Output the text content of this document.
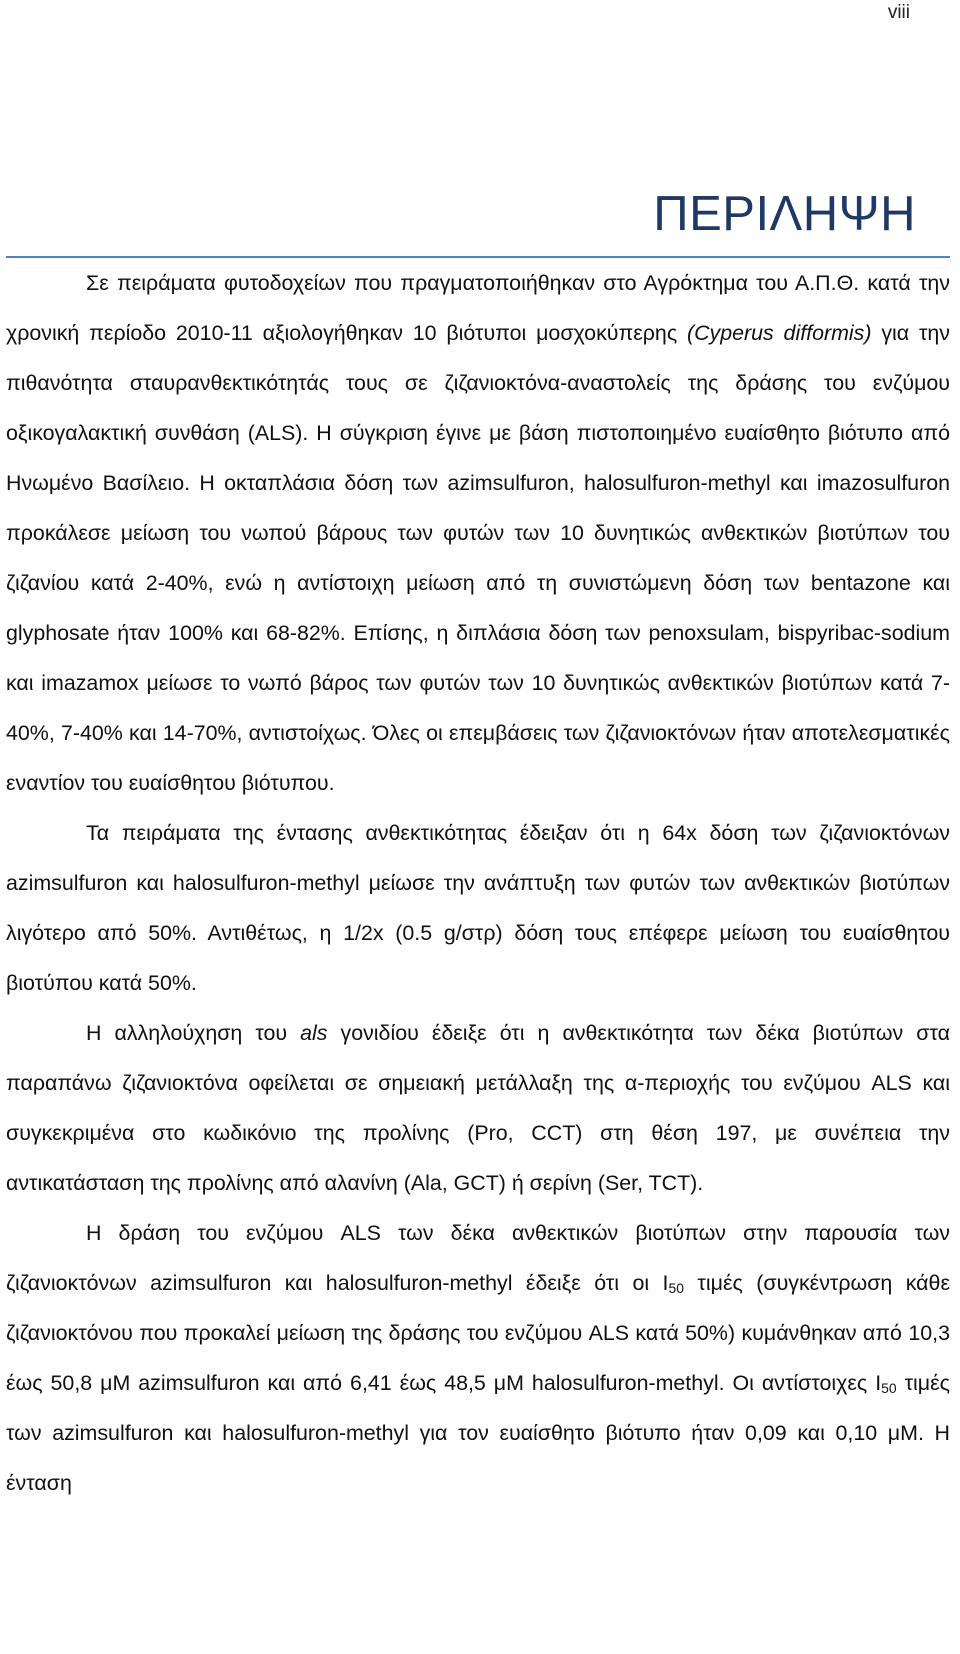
viii
ΠΕΡΙΛΗΨΗ

Σε πειράματα φυτοδοχείων που πραγματοποιήθηκαν στο Αγρόκτημα του Α.Π.Θ. κατά την χρονική περίοδο 2010-11 αξιολογήθηκαν 10 βιότυποι μοσχοκύπερης (Cyperus difformis) για την πιθανότητα σταυρανθεκτικότητάς τους σε ζιζανιοκτόνα-αναστολείς της δράσης του ενζύμου οξικογαλακτική συνθάση (ALS). Η σύγκριση έγινε με βάση πιστοποιημένο ευαίσθητο βιότυπο από Ηνωμένο Βασίλειο. Η οκταπλάσια δόση των azimsulfuron, halosulfuron-methyl και imazosulfuron προκάλεσε μείωση του νωπού βάρους των φυτών των 10 δυνητικώς ανθεκτικών βιοτύπων του ζιζανίου κατά 2-40%, ενώ η αντίστοιχη μείωση από τη συνιστώμενη δόση των bentazone και glyphosate ήταν 100% και 68-82%. Επίσης, η διπλάσια δόση των penoxsulam, bispyribac-sodium και imazamox μείωσε το νωπό βάρος των φυτών των 10 δυνητικώς ανθεκτικών βιοτύπων κατά 7-40%, 7-40% και 14-70%, αντιστοίχως. Όλες οι επεμβάσεις των ζιζανιοκτόνων ήταν αποτελεσματικές εναντίον του ευαίσθητου βιότυπου.

Τα πειράματα της έντασης ανθεκτικότητας έδειξαν ότι η 64x δόση των ζιζανιοκτόνων azimsulfuron και halosulfuron-methyl μείωσε την ανάπτυξη των φυτών των ανθεκτικών βιοτύπων λιγότερο από 50%. Αντιθέτως, η 1/2x (0.5 g/στρ) δόση τους επέφερε μείωση του ευαίσθητου βιοτύπου κατά 50%.

Η αλληλούχηση του als γονιδίου έδειξε ότι η ανθεκτικότητα των δέκα βιοτύπων στα παραπάνω ζιζανιοκτόνα οφείλεται σε σημειακή μετάλλαξη της α-περιοχής του ενζύμου ALS και συγκεκριμένα στο κωδικόνιο της προλίνης (Pro, CCT) στη θέση 197, με συνέπεια την αντικατάσταση της προλίνης από αλανίνη (Ala, GCT) ή σερίνη (Ser, TCT).

Η δράση του ενζύμου ALS των δέκα ανθεκτικών βιοτύπων στην παρουσία των ζιζανιοκτόνων azimsulfuron και halosulfuron-methyl έδειξε ότι οι $I_{50}$ τιμές (συγκέντρωση κάθε ζιζανιοκτόνου που προκαλεί μείωση της δράσης του ενζύμου ALS κατά 50%) κυμάνθηκαν από 10,3 έως 50,8 μM azimsulfuron και από 6,41 έως 48,5 μM halosulfuron-methyl. Οι αντίστοιχες $I_{50}$ τιμές των azimsulfuron και halosulfuron-methyl για τον ευαίσθητο βιότυπο ήταν 0,09 και 0,10 μM. Η ένταση
